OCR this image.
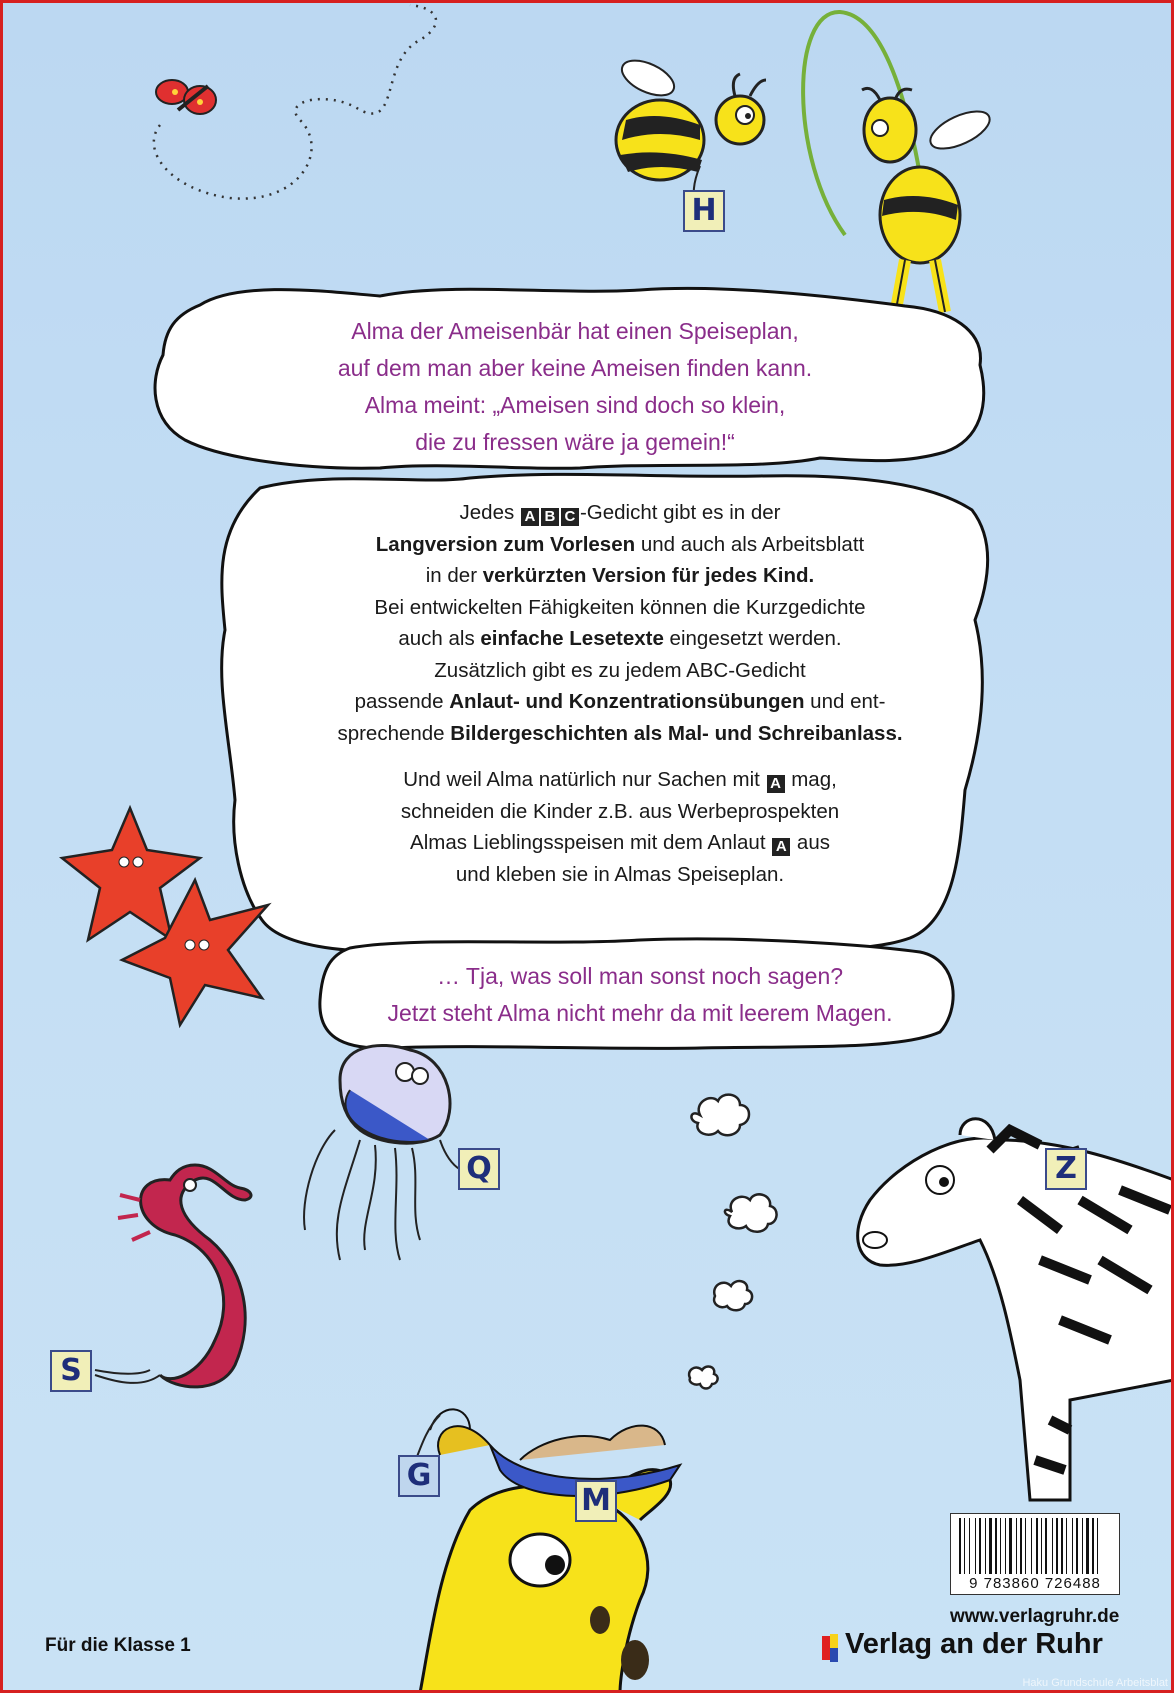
H
Q
S
Z
G
M
Alma der Ameisenbär hat einen Speiseplan,
auf dem man aber keine Ameisen finden kann.
Alma meint: „Ameisen sind doch so klein,
die zu fressen wäre ja gemein!“
Jedes A B C -Gedicht gibt es in der
Langversion zum Vorlesen und auch als Arbeitsblatt
in der verkürzten Version für jedes Kind.
Bei entwickelten Fähigkeiten können die Kurzgedichte
auch als einfache Lesetexte eingesetzt werden.
Zusätzlich gibt es zu jedem ABC-Gedicht
passende Anlaut- und Konzentrationsübungen und ent-
sprechende Bildergeschichten als Mal- und Schreibanlass.
Und weil Alma natürlich nur Sachen mit A mag,
schneiden die Kinder z.B. aus Werbeprospekten
Almas Lieblingsspeisen mit dem Anlaut A aus
und kleben sie in Almas Speiseplan.
… Tja, was soll man sonst noch sagen?
Jetzt steht Alma nicht mehr da mit leerem Magen.
9 783860 726488
www.verlagruhr.de
Verlag an der Ruhr
Für die Klasse 1
Haku Grundschule Arbeitsblat
